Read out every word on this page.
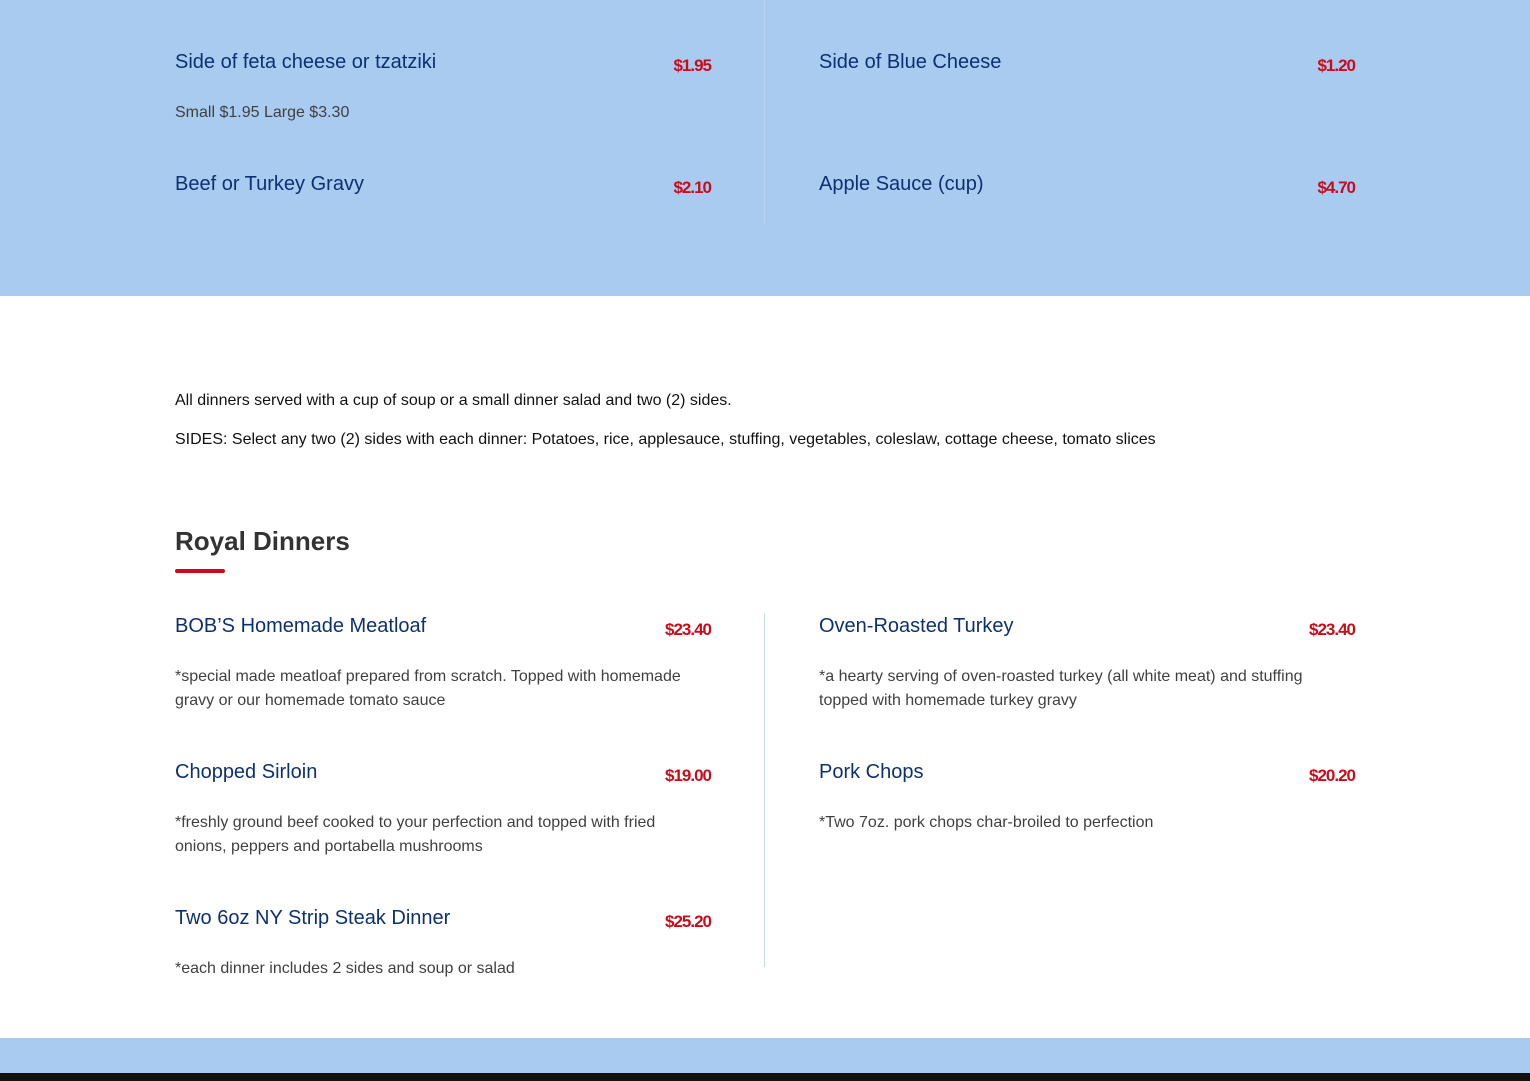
Side of feta cheese or tzatziki	$1.95
Small $1.95 Large $3.30
Beef or Turkey Gravy	$2.10
Side of Blue Cheese	$1.20
Apple Sauce (cup)	$4.70
All dinners served with a cup of soup or a small dinner salad and two (2) sides.
SIDES: Select any two (2) sides with each dinner: Potatoes, rice, applesauce, stuffing, vegetables, coleslaw, cottage cheese, tomato slices
Royal Dinners
BOB’S Homemade Meatloaf	$23.40
*special made meatloaf prepared from scratch. Topped with homemade gravy or our homemade tomato sauce
Chopped Sirloin	$19.00
*freshly ground beef cooked to your perfection and topped with fried onions, peppers and portabella mushrooms
Two 6oz NY Strip Steak Dinner	$25.20
*each dinner includes 2 sides and soup or salad
Oven-Roasted Turkey	$23.40
*a hearty serving of oven-roasted turkey (all white meat) and stuffing topped with homemade turkey gravy
Pork Chops	$20.20
*Two 7oz. pork chops char-broiled to perfection
